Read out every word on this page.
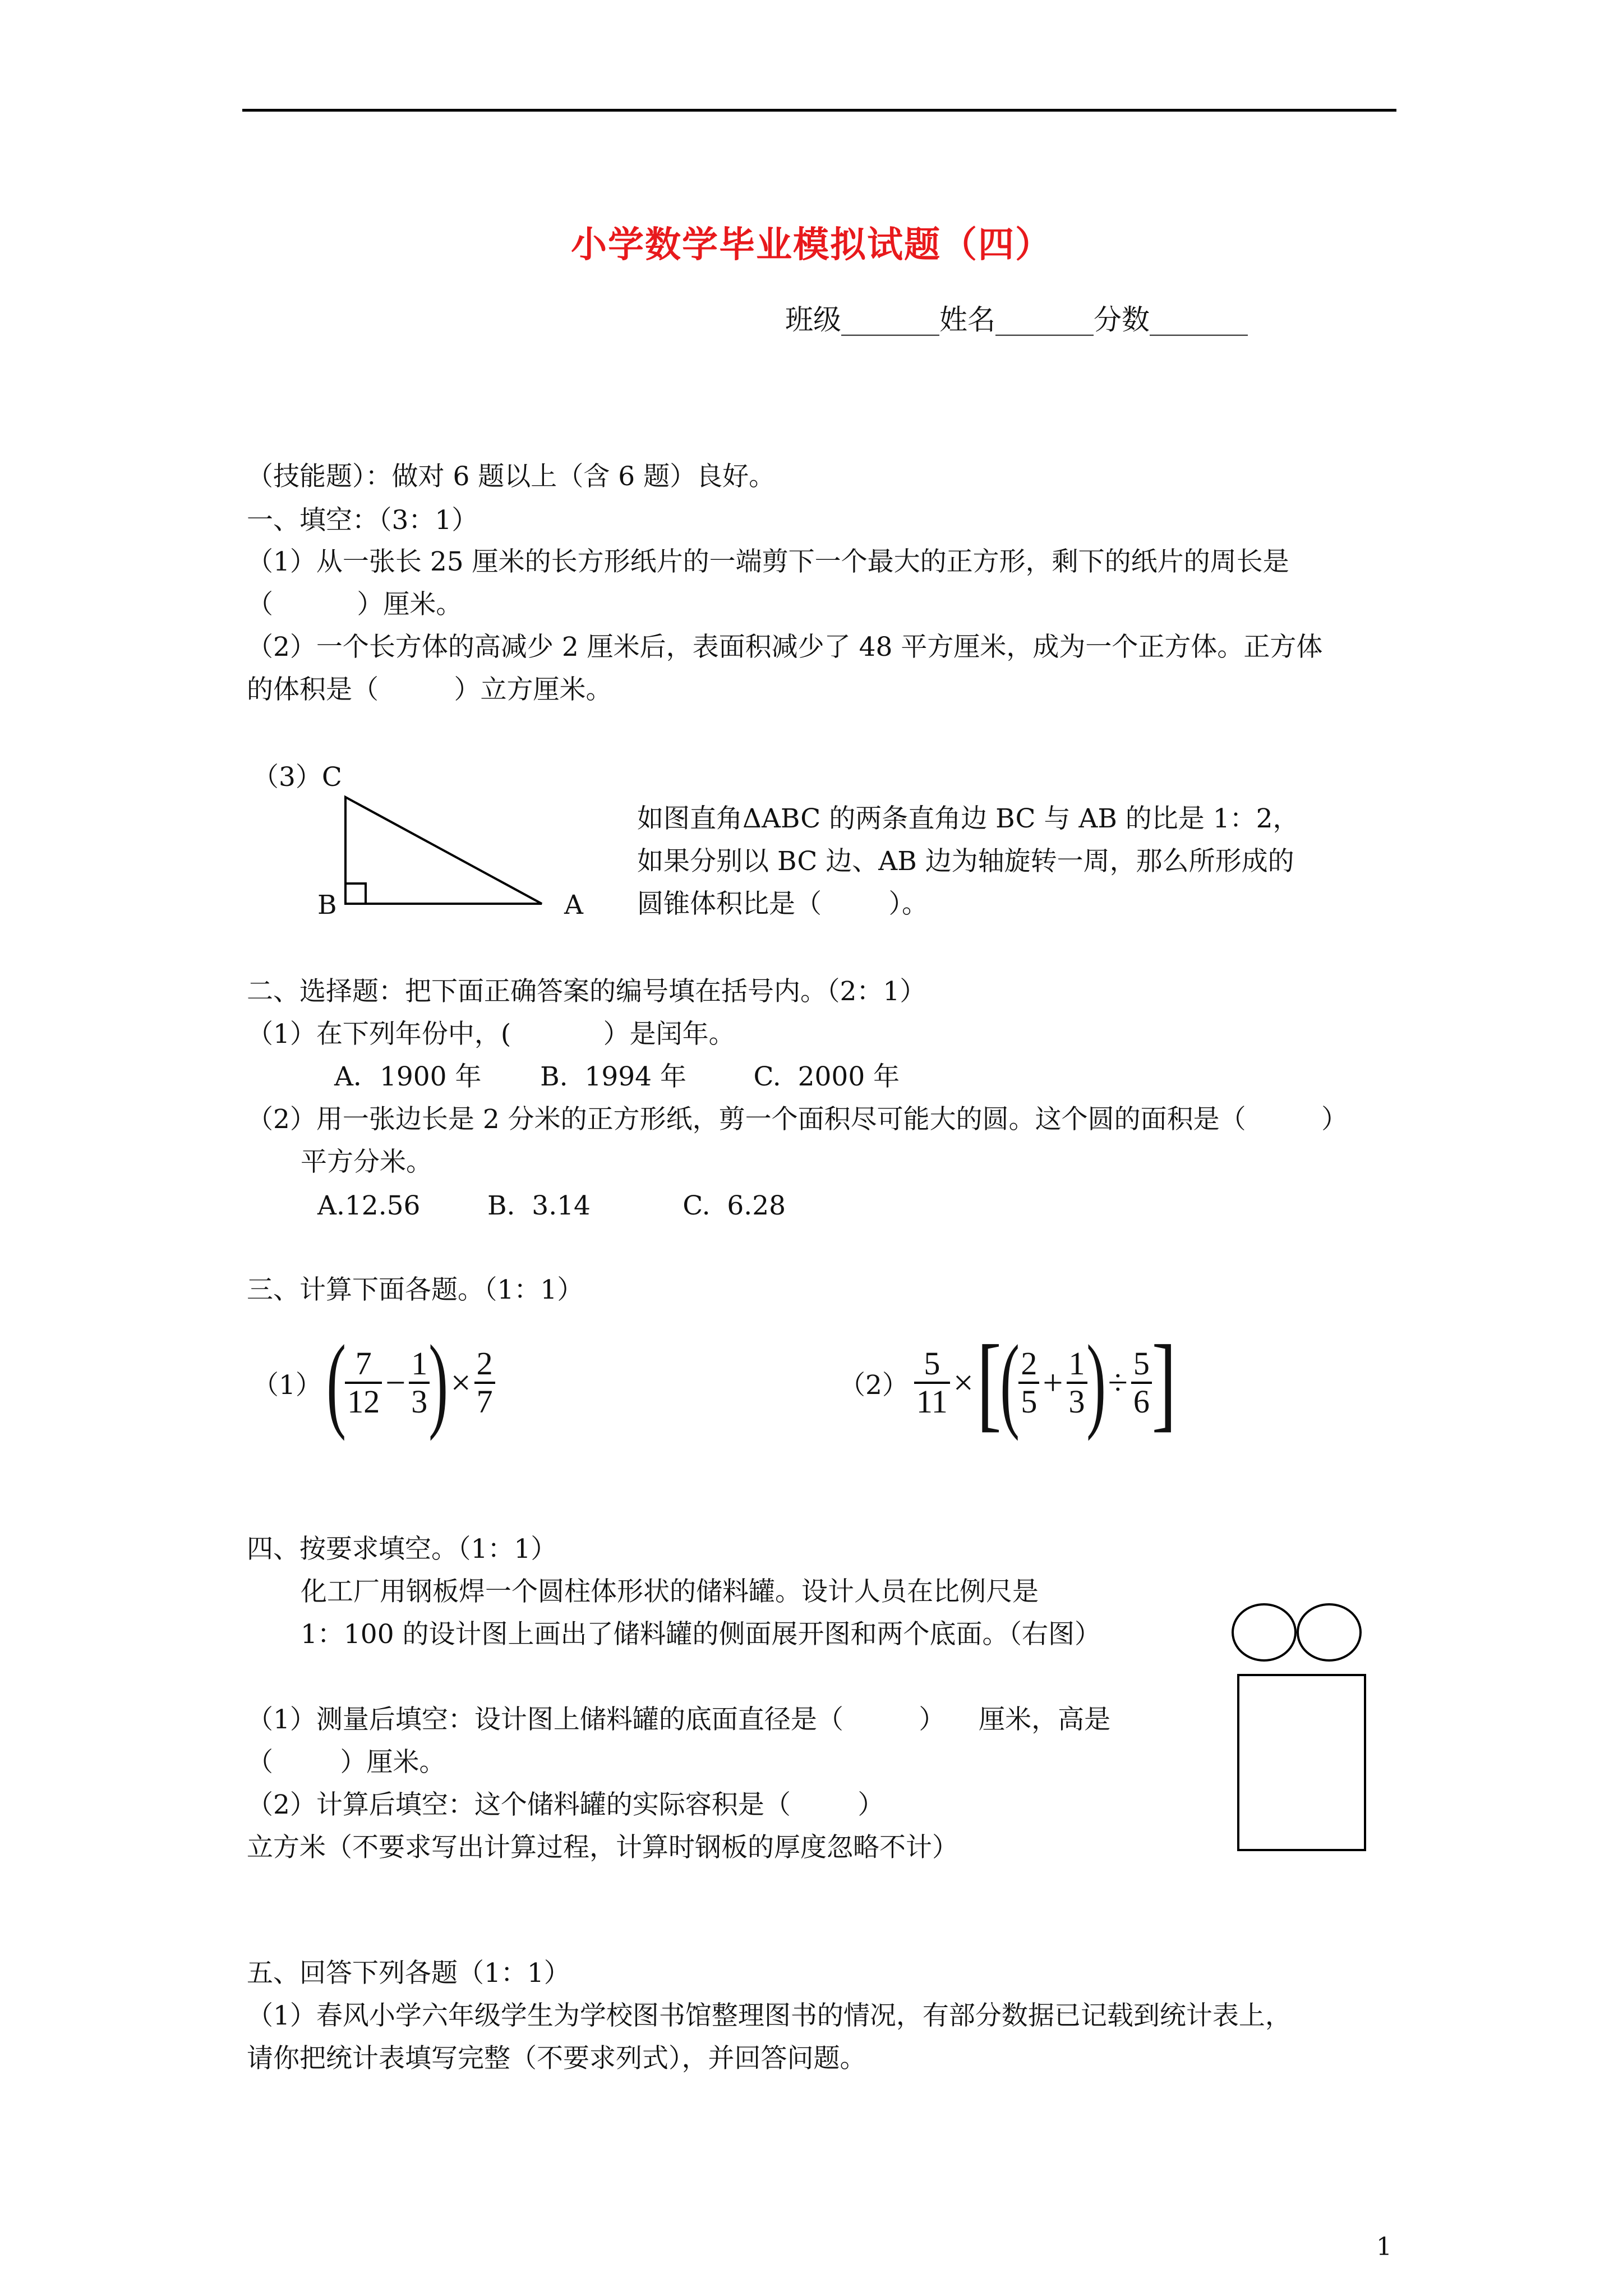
小学数学毕业模拟试题（四）
班级_______姓名_______分数_______
（技能题）：做对 6 题以上（含 6 题）良好。
一、填空：（3：1）
（1）从一张长 25 厘米的长方形纸片的一端剪下一个最大的正方形，剩下的纸片的周长是
（          ）厘米。
（2）一个长方体的高减少 2 厘米后，表面积减少了 48 平方厘米，成为一个正方体。正方体
的体积是（         ）立方厘米。
（3）C
B	A
如图直角ΔABC 的两条直角边 BC 与 AB 的比是 1：2，
如果分别以 BC 边、AB 边为轴旋转一周，那么所形成的
圆锥体积比是（        ）。
二、选择题：把下面正确答案的编号填在括号内。（2：1）
（1）在下列年份中，(           ）是闰年。
A．1900 年       B.  1994 年        C.  2000 年
（2）用一张边长是 2 分米的正方形纸，剪一个面积尽可能大的圆。这个圆的面积是（         ）
平方分米。
A.12.56        B.  3.14           C.  6.28
三、计算下面各题。（1：1）
（1） (
$\frac{7}{12} - \frac{1}{3}$
) × $\frac{2}{7}$	$(2) \frac{5}{11}$ × [
(
$\frac{2}{5} + \frac{1}{3}$
) ÷ $\frac{5}{6}$ ]
四、按要求填空。（1：1）
化工厂用钢板焊一个圆柱体形状的储料罐。设计人员在比例尺是
1：100 的设计图上画出了储料罐的侧面展开图和两个底面。（右图）
（1）测量后填空：设计图上储料罐的底面直径是（         ）    厘米，高是
（        ）厘米。
（2）计算后填空：这个储料罐的实际容积是（        ）
立方米（不要求写出计算过程，计算时钢板的厚度忽略不计）
五、回答下列各题（1：1）
（1）春风小学六年级学生为学校图书馆整理图书的情况，有部分数据已记载到统计表上，
请你把统计表填写完整（不要求列式），并回答问题。
1
